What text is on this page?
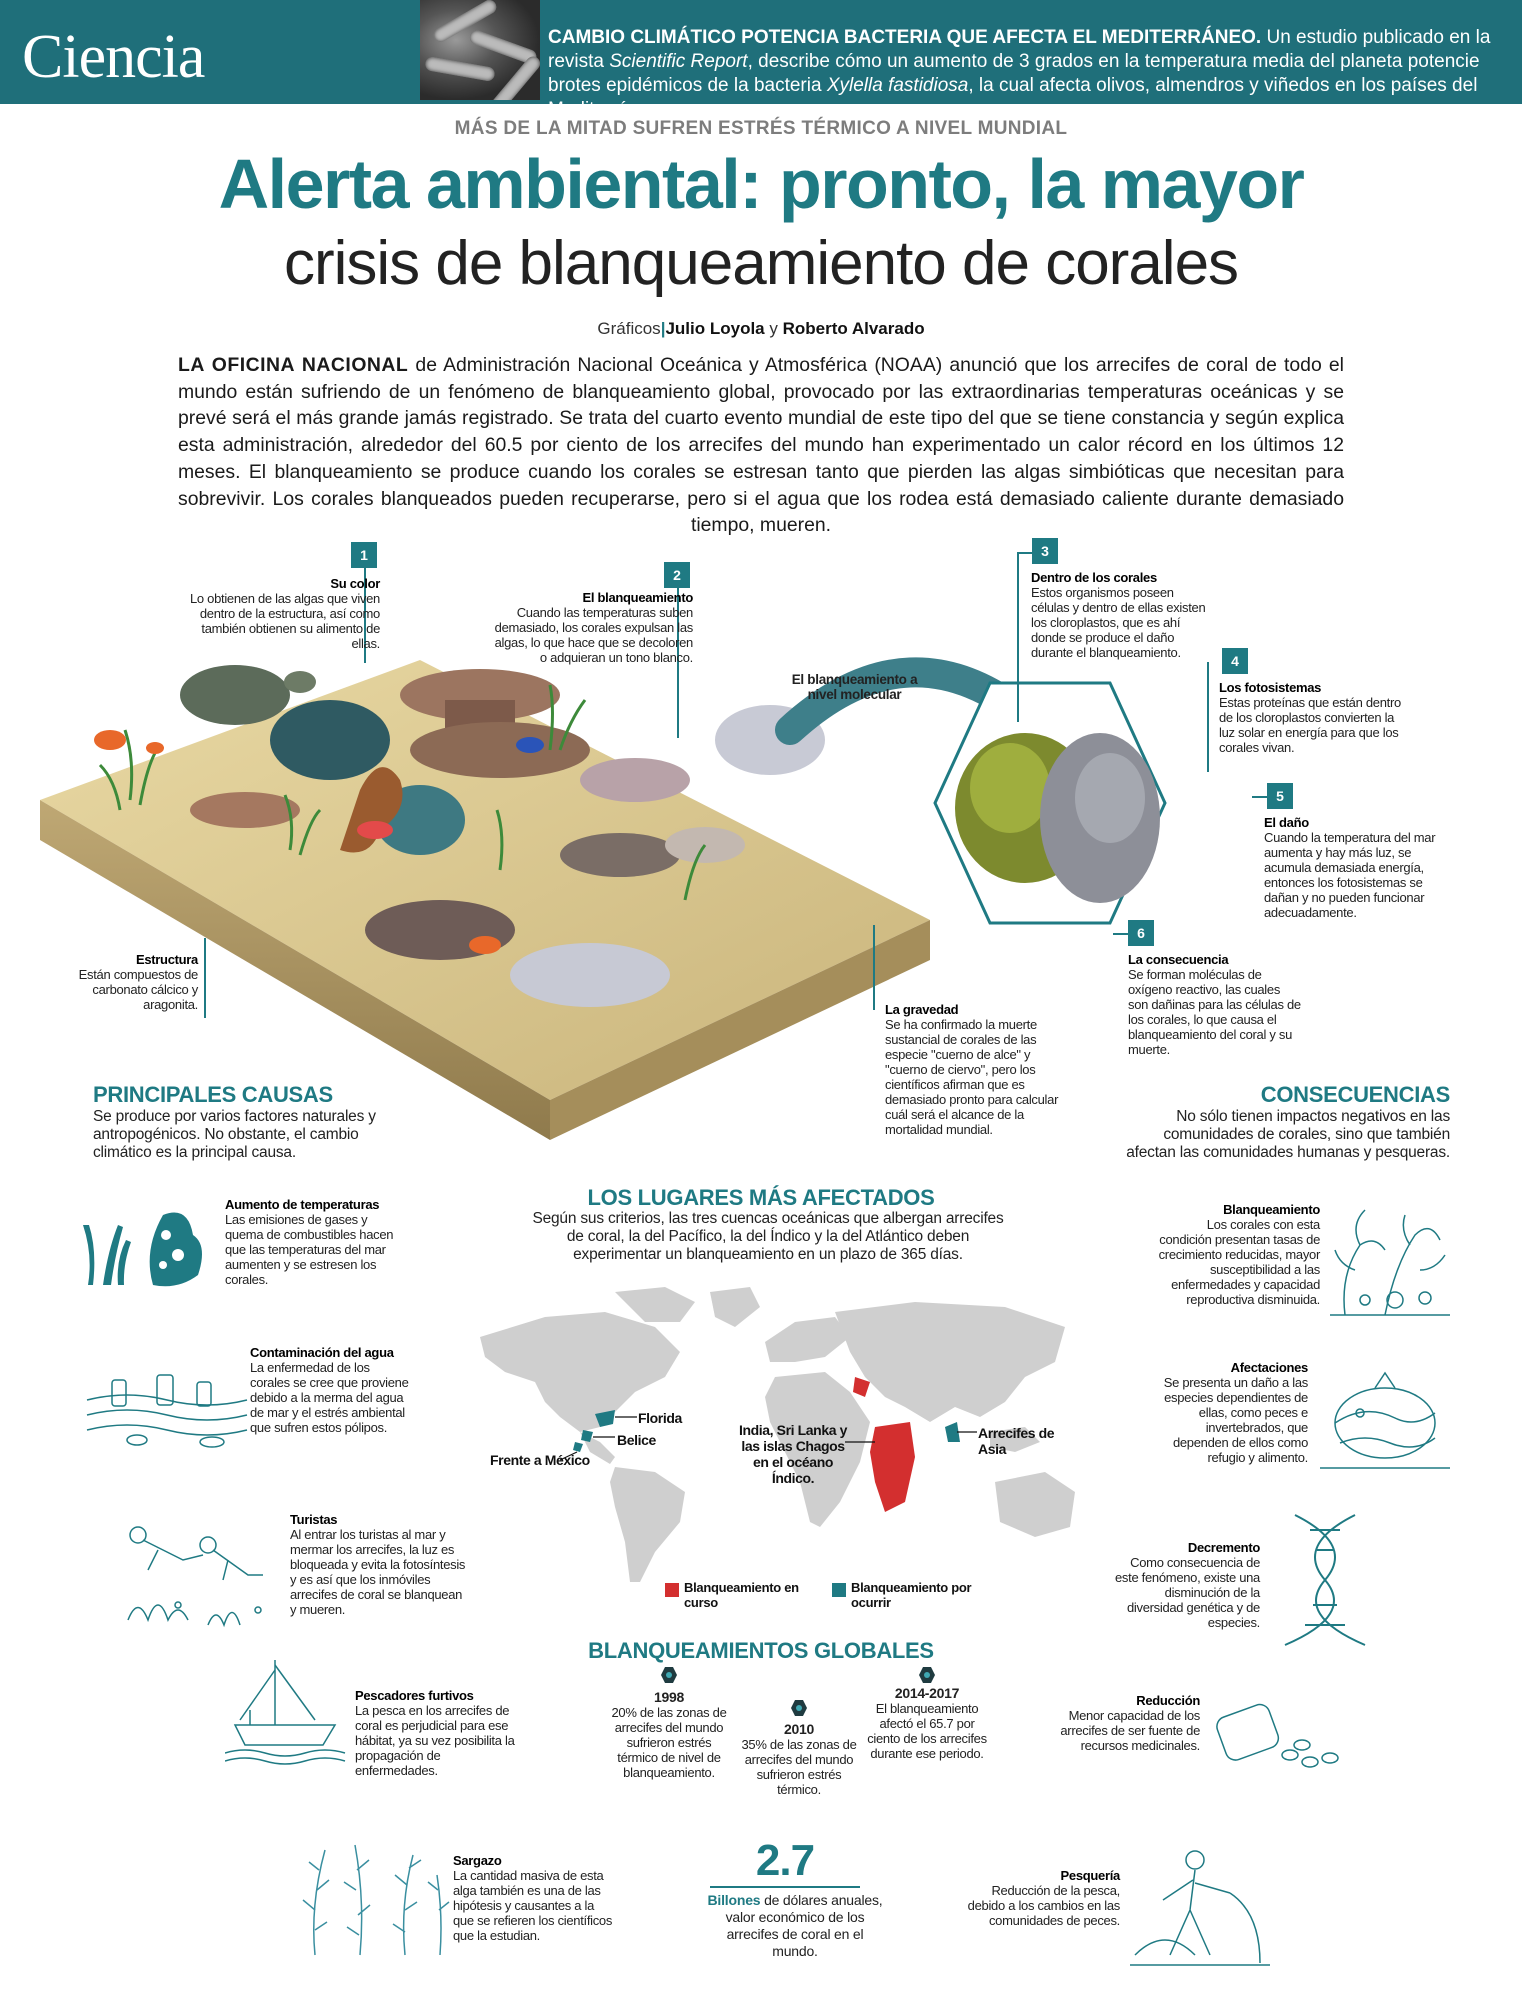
Ciencia	CAMBIO CLIMÁTICO POTENCIA BACTERIA QUE AFECTA EL MEDITERRÁNEO. Un estudio publicado en la revista Scientific Report, describe cómo un aumento de 3 grados en la temperatura media del planeta potencie brotes epidémicos de la bacteria Xylella fastidiosa, la cual afecta olivos, almendros y viñedos en los países del Mediterráneo.
MÁS DE LA MITAD SUFREN ESTRÉS TÉRMICO A NIVEL MUNDIAL
Alerta ambiental: pronto, la mayor
crisis de blanqueamiento de corales
Gráficos|Julio Loyola y Roberto Alvarado
LA OFICINA NACIONAL de Administración Nacional Oceánica y Atmosférica (NOAA) anunció que los arrecifes de coral de todo el mundo están sufriendo de un fenómeno de blanqueamiento global, provocado por las extraordinarias temperaturas oceánicas y se prevé será el más grande jamás registrado. Se trata del cuarto evento mundial de este tipo del que se tiene constancia y según explica esta administración, alrededor del 60.5 por ciento de los arrecifes del mundo han experimentado un calor récord en los últimos 12 meses. El blanqueamiento se produce cuando los corales se estresan tanto que pierden las algas simbióticas que necesitan para sobrevivir. Los corales blanqueados pueden recuperarse, pero si el agua que los rodea está demasiado caliente durante demasiado tiempo, mueren.
1
2
3
4
5
6
Su color
Lo obtienen de las algas que viven dentro de la estructura, así como también obtienen su alimento de ellas.
El blanqueamiento
Cuando las temperaturas suben demasiado, los corales expulsan las algas, lo que hace que se decoloren o adquieran un tono blanco.
Dentro de los corales
Estos organismos poseen células y dentro de ellas existen los cloroplastos, que es ahí donde se produce el daño durante el blanqueamiento.
Los fotosistemas
Estas proteínas que están dentro de los cloroplastos convierten la luz solar en energía para que los corales vivan.
El daño
Cuando la temperatura del mar aumenta y hay más luz, se acumula demasiada energía, entonces los fotosistemas se dañan y no pueden funcionar adecuadamente.
La consecuencia
Se forman moléculas de oxígeno reactivo, las cuales son dañinas para las células de los corales, lo que causa el blanqueamiento del coral y su muerte.
El blanqueamiento a nivel molecular
Estructura
Están compuestos de carbonato cálcico y aragonita.	La gravedad
Se ha confirmado la muerte sustancial de corales de las especie "cuerno de alce" y "cuerno de ciervo", pero los científicos afirman que es demasiado pronto para calcular cuál será el alcance de la mortalidad mundial.
PRINCIPALES CAUSAS
Se produce por varios factores naturales y antropogénicos. No obstante, el cambio climático es la principal causa.
Aumento de temperaturas
Las emisiones de gases y quema de combustibles hacen que las temperaturas del mar aumenten y se estresen los corales.
Contaminación del agua
La enfermedad de los corales se cree que proviene debido a la merma del agua de mar y el estrés ambiental que sufren estos pólipos.
Turistas
Al entrar los turistas al mar y mermar los arrecifes, la luz es bloqueada y evita la fotosíntesis y es así que los inmóviles arrecifes de coral se blanquean y mueren.
Pescadores furtivos
La pesca en los arrecifes de coral es perjudicial para ese hábitat, ya su vez posibilita la propagación de enfermedades.
Sargazo
La cantidad masiva de esta alga también es una de las hipótesis y causantes a la que se refieren los científicos que la estudian.
LOS LUGARES MÁS AFECTADOS
Según sus criterios, las tres cuencas oceánicas que albergan arrecifes de coral, la del Pacífico, la del Índico y la del Atlántico deben experimentar un blanqueamiento en un plazo de 365 días.
Florida
Belice
Frente a México
India, Sri Lanka y las islas Chagos en el océano Índico.
Arrecifes de Asia
Blanqueamiento en curso
Blanqueamiento por ocurrir
BLANQUEAMIENTOS GLOBALES
1998
20% de las zonas de arrecifes del mundo sufrieron estrés térmico de nivel de blanqueamiento.
2010
35% de las zonas de arrecifes del mundo sufrieron estrés térmico.
2014-2017
El blanqueamiento afectó el 65.7 por ciento de los arrecifes durante ese periodo.
2.7
Billones de dólares anuales, valor económico de los arrecifes de coral en el mundo.
CONSECUENCIAS
No sólo tienen impactos negativos en las comunidades de corales, sino que también afectan las comunidades humanas y pesqueras.
Blanqueamiento
Los corales con esta condición presentan tasas de crecimiento reducidas, mayor susceptibilidad a las enfermedades y capacidad reproductiva disminuida.
Afectaciones
Se presenta un daño a las especies dependientes de ellas, como peces e invertebrados, que dependen de ellos como refugio y alimento.
Decremento
Como consecuencia de este fenómeno, existe una disminución de la diversidad genética y de especies.
Reducción
Menor capacidad de los arrecifes de ser fuente de recursos medicinales.
Pesquería
Reducción de la pesca, debido a los cambios en las comunidades de peces.
